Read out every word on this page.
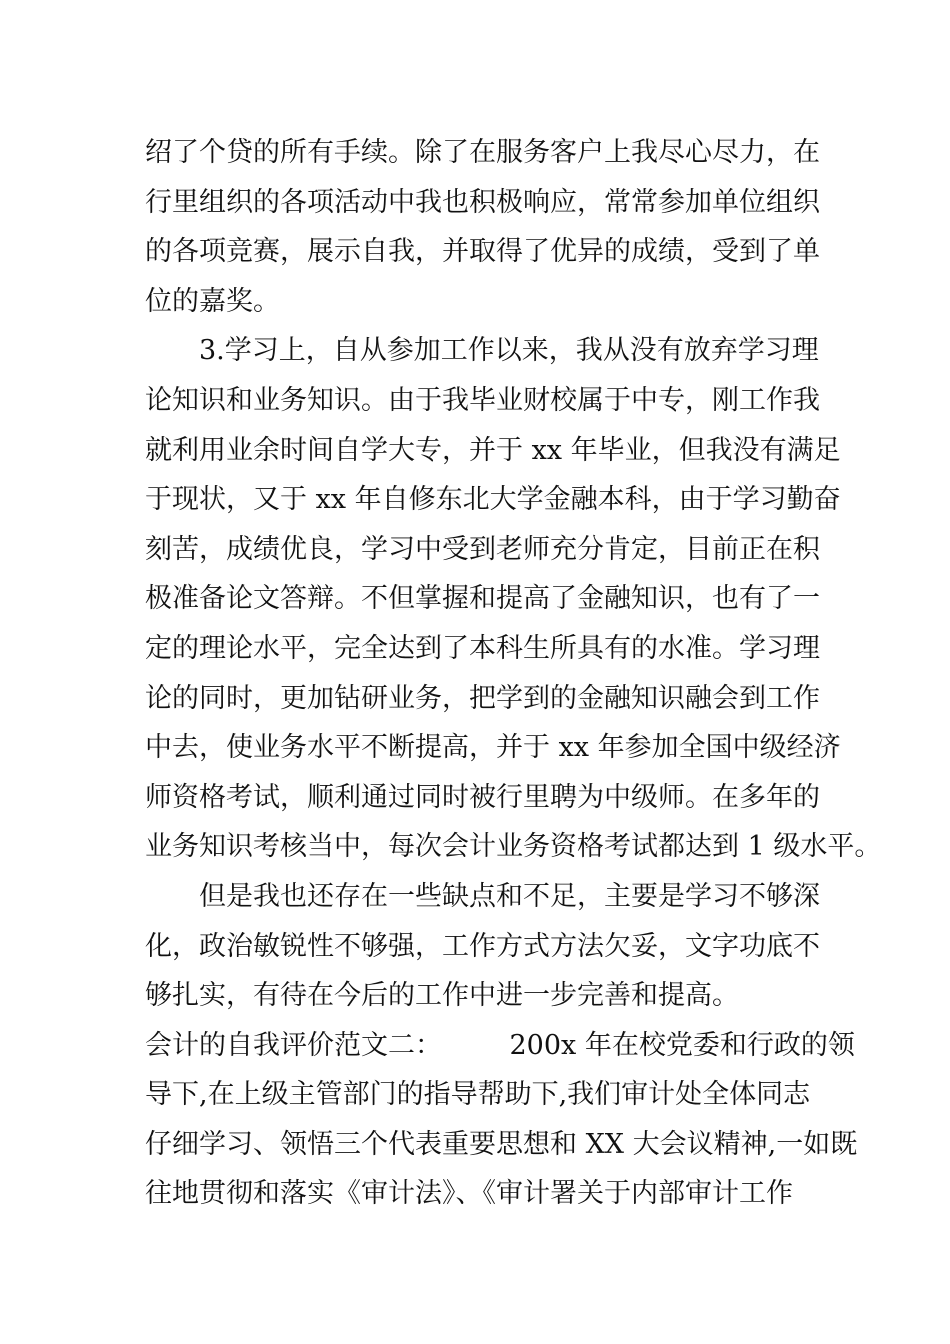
绍了个贷的所有手续。除了在服务客户上我尽心尽力，在
行里组织的各项活动中我也积极响应，常常参加单位组织
的各项竞赛，展示自我，并取得了优异的成绩，受到了单
位的嘉奖。
　　3.学习上，自从参加工作以来，我从没有放弃学习理
论知识和业务知识。由于我毕业财校属于中专，刚工作我
就利用业余时间自学大专，并于 xx 年毕业，但我没有满足
于现状，又于 xx 年自修东北大学金融本科，由于学习勤奋
刻苦，成绩优良，学习中受到老师充分肯定，目前正在积
极准备论文答辩。不但掌握和提高了金融知识，也有了一
定的理论水平，完全达到了本科生所具有的水准。学习理
论的同时，更加钻研业务，把学到的金融知识融会到工作
中去，使业务水平不断提高，并于 xx 年参加全国中级经济
师资格考试，顺利通过同时被行里聘为中级师。在多年的
业务知识考核当中，每次会计业务资格考试都达到 1 级水平。
　　但是我也还存在一些缺点和不足，主要是学习不够深
化，政治敏锐性不够强，工作方式方法欠妥，文字功底不
够扎实，有待在今后的工作中进一步完善和提高。
会计的自我评价范文二：　　　200x 年在校党委和行政的领
导下,在上级主管部门的指导帮助下,我们审计处全体同志
仔细学习、领悟三个代表重要思想和 XX 大会议精神,一如既
往地贯彻和落实《审计法》、《审计署关于内部审计工作
